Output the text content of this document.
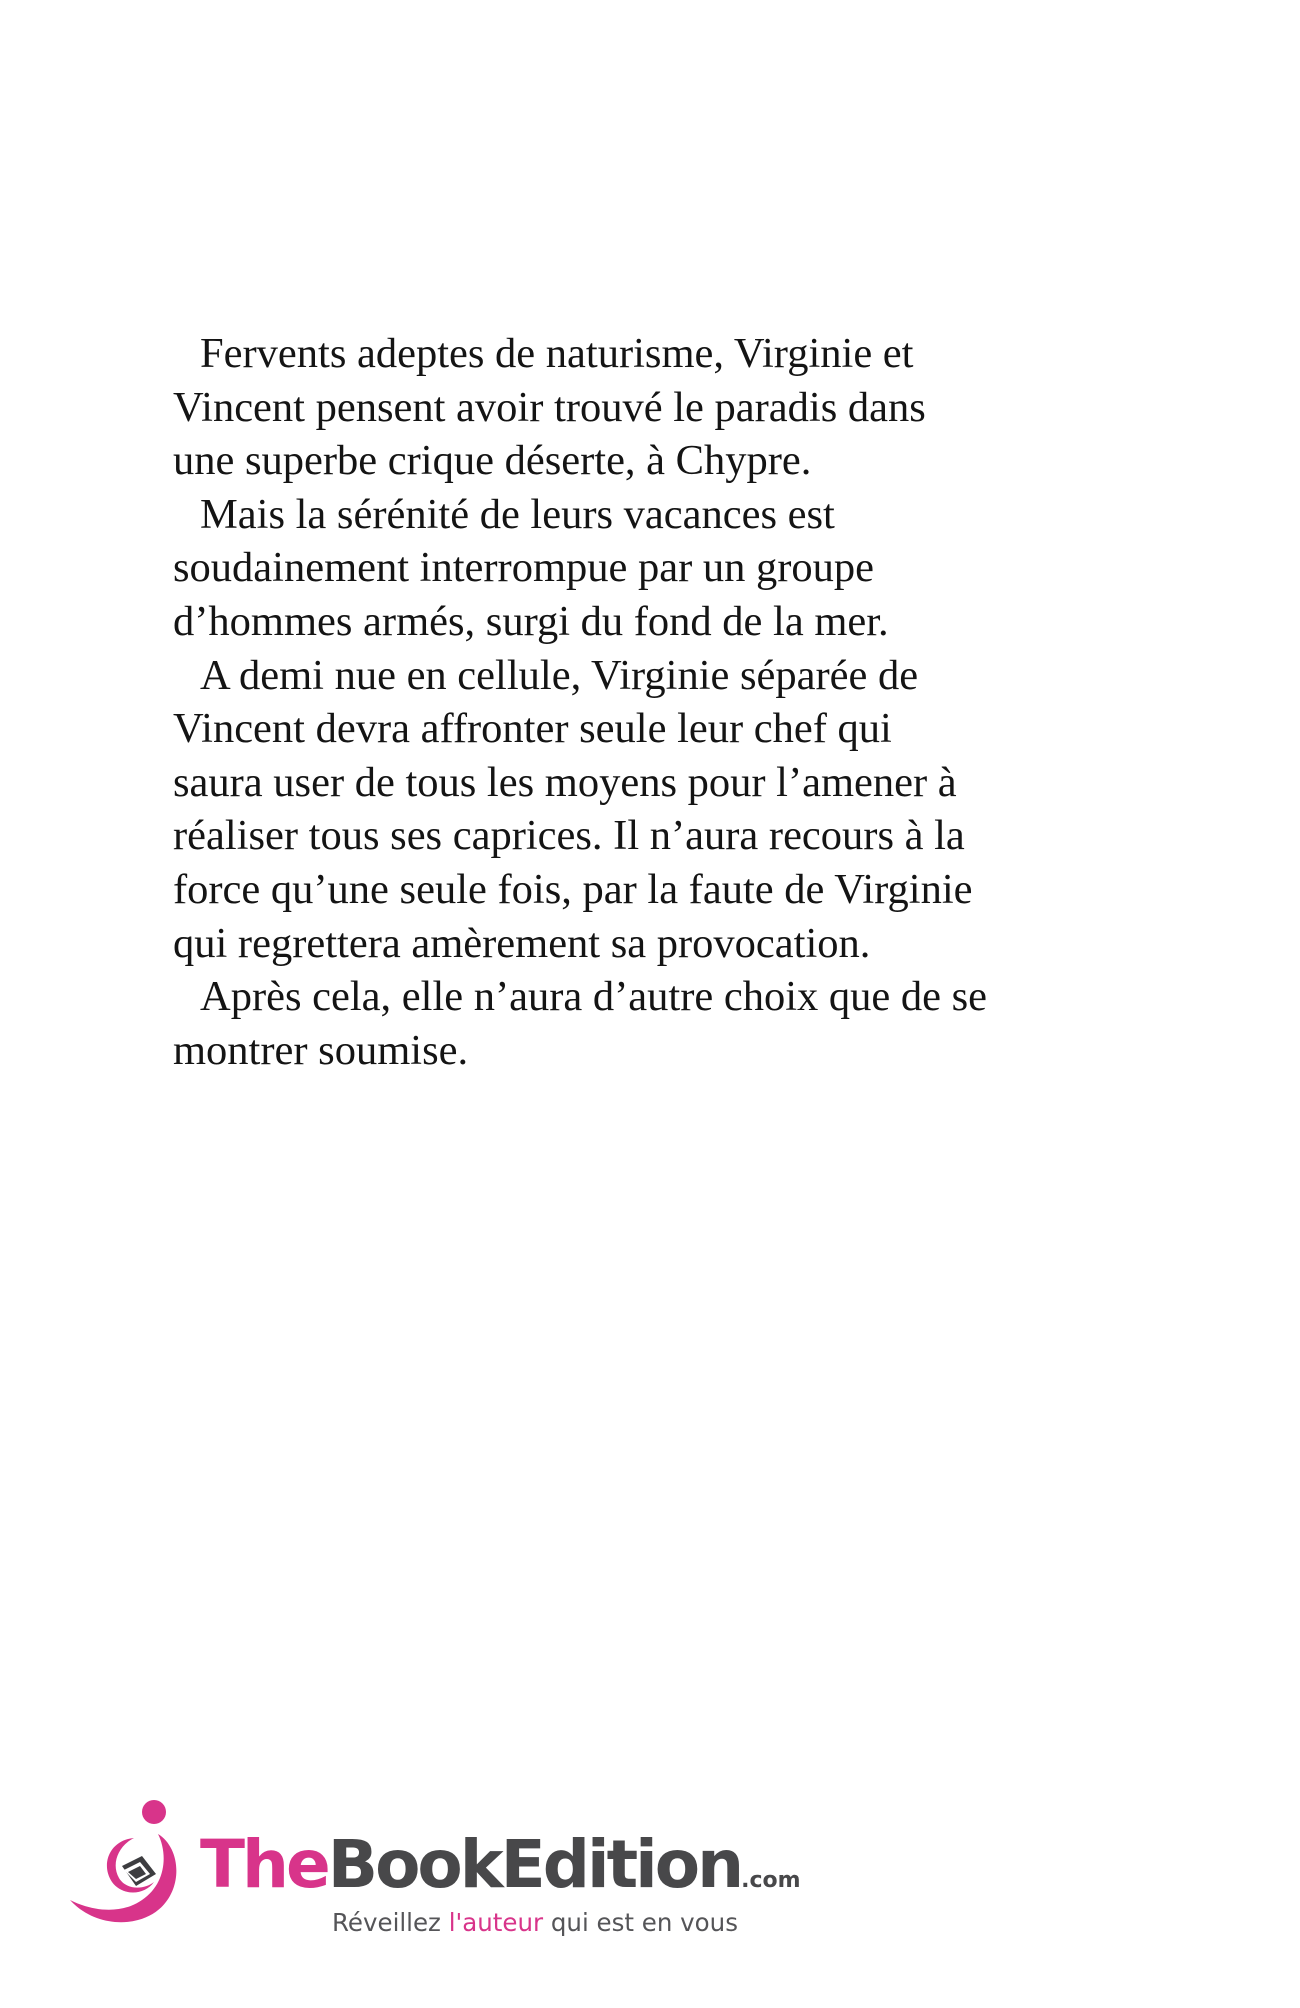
Fervents adeptes de naturisme, Virginie et
Vincent pensent avoir trouvé le paradis dans
une superbe crique déserte, à Chypre.

Mais la sérénité de leurs vacances est
soudainement interrompue par un groupe
d’hommes armés, surgi du fond de la mer.

A demi nue en cellule, Virginie séparée de
Vincent devra affronter seule leur chef qui
saura user de tous les moyens pour l’amener à
réaliser tous ses caprices. Il n’aura recours à la
force qu’une seule fois, par la faute de Virginie
qui regrettera amèrement sa provocation.

Après cela, elle n’aura d’autre choix que de se
montrer soumise.

TheBookEdition.com
Réveillez l'auteur qui est en vous
